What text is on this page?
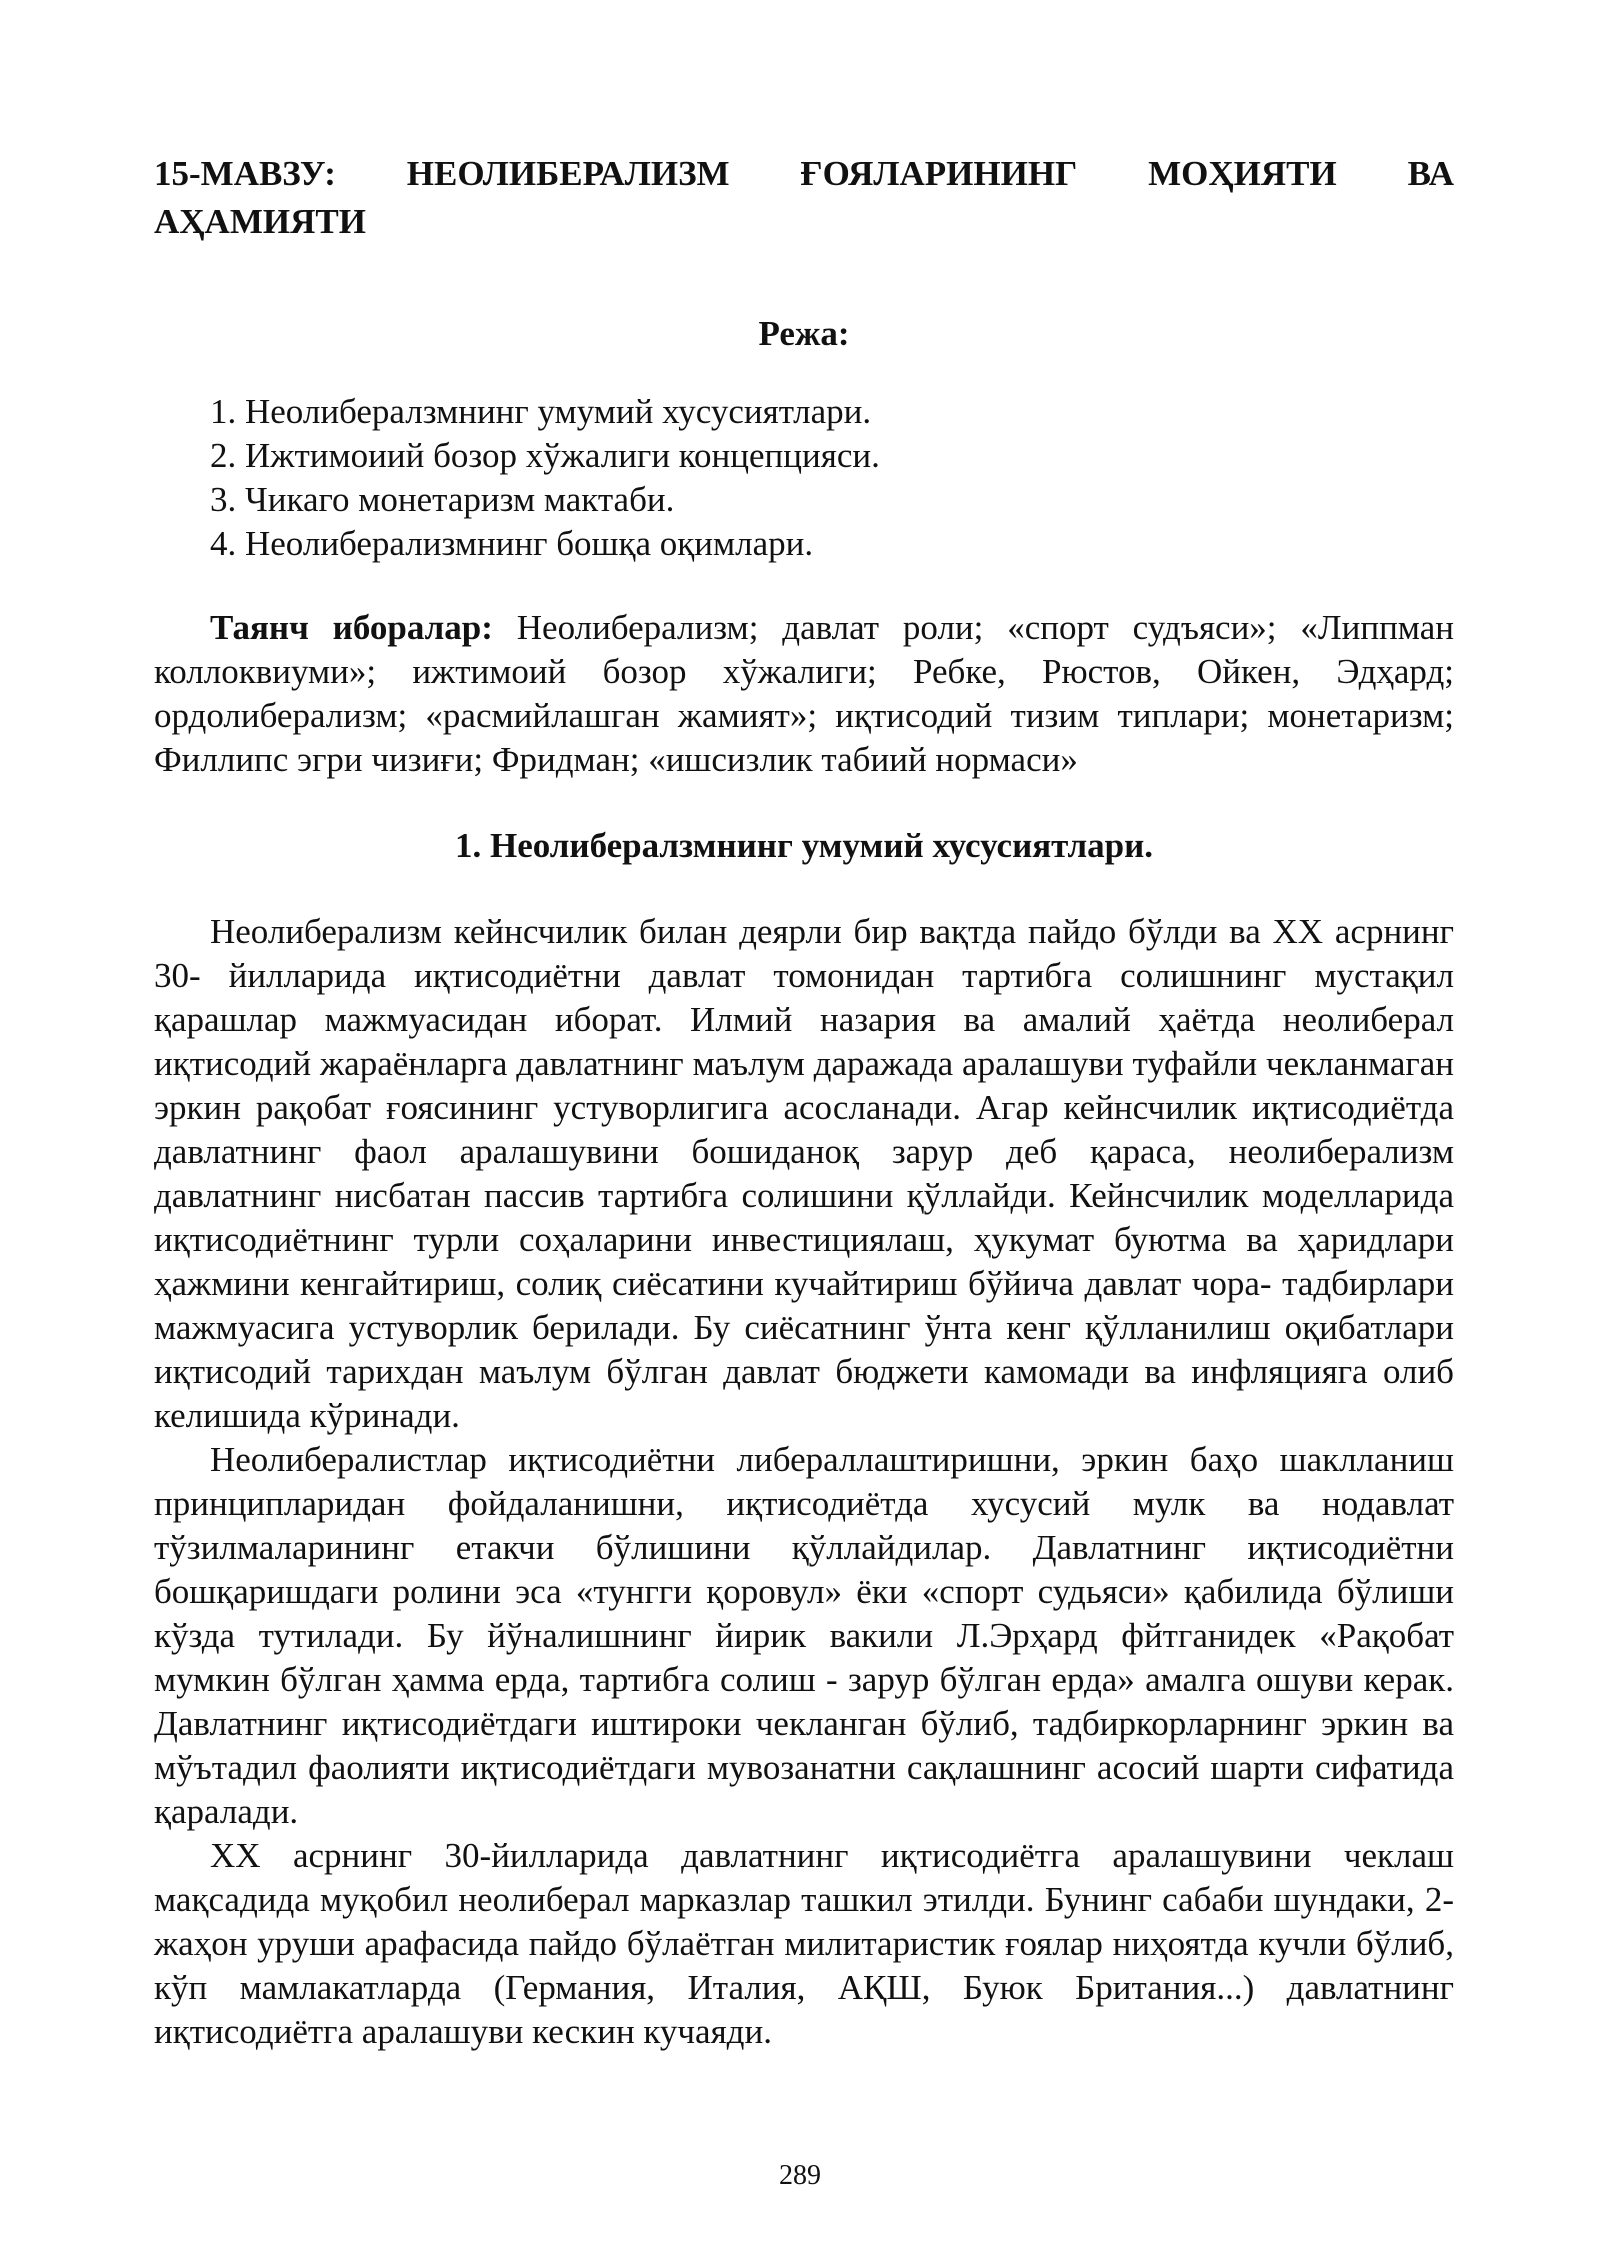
15-МАВЗУ: НЕОЛИБЕРАЛИЗМ ҒОЯЛАРИНИНГ МОҲИЯТИ ВА

АҲАМИЯТИ

Режа:
1. Неолибералзмнинг умумий хусусиятлари.
2. Ижтимоиий бозор хўжалиги концепцияси.
3. Чикаго монетаризм мактаби.
4. Неолиберализмнинг бошқа оқимлари.

Таянч иборалар: Неолиберализм; давлат роли; «спорт судъяси»; «Липпман коллоквиуми»; ижтимоий бозор хўжалиги; Ребке, Рюстов, Ойкен, Эдҳард; ордолиберализм; «расмийлашган жамият»; иқтисодий тизим типлари; монетаризм; Филлипс эгри чизиғи; Фридман; «ишсизлик табиий нормаси»

1. Неолибералзмнинг умумий хусусиятлари.

Неолиберализм кейнсчилик билан деярли бир вақтда пайдо бўлди ва XX асрнинг 30- йилларида иқтисодиётни давлат томонидан тартибга солишнинг мустақил қарашлар мажмуасидан иборат. Илмий назария ва амалий ҳаётда неолиберал иқтисодий жараёнларга давлатнинг маълум даражада аралашуви туфайли чекланмаган эркин рақобат ғоясининг устуворлигига асосланади. Агар кейнсчилик иқтисодиётда давлатнинг фаол аралашувини бошиданоқ зарур деб қараса, неолиберализм давлатнинг нисбатан пассив тартибга солишини қўллайди. Кейнсчилик моделларида иқтисодиётнинг турли соҳаларини инвестициялаш, ҳукумат буютма ва ҳаридлари ҳажмини кенгайтириш, солиқ сиёсатини кучайтириш бўйича давлат чора- тадбирлари мажмуасига устуворлик берилади. Бу сиёсатнинг ўнта кенг қўлланилиш оқибатлари иқтисодий тарихдан маълум бўлган давлат бюджети камомади ва инфляцияга олиб келишида кўринади.

Неолибералистлар иқтисодиётни либераллаштиришни, эркин баҳо шаклланиш принципларидан фойдаланишни, иқтисодиётда хусусий мулк ва нодавлат тўзилмаларининг етакчи бўлишини қўллайдилар. Давлатнинг иқтисодиётни бошқаришдаги ролини эса «тунгги қоровул» ёки «спорт судьяси» қабилида бўлиши кўзда тутилади. Бу йўналишнинг йирик вакили Л.Эрҳард фйтганидек «Рақобат мумкин бўлган ҳамма ерда, тартибга солиш - зарур бўлган ерда» амалга ошуви керак. Давлатнинг иқтисодиётдаги иштироки чекланган бўлиб, тадбиркорларнинг эркин ва мўътадил фаолияти иқтисодиётдаги мувозанатни сақлашнинг асосий шарти сифатида қаралади.

XX асрнинг 30-йилларида давлатнинг иқтисодиётга аралашувини чеклаш мақсадида муқобил неолиберал марказлар ташкил этилди. Бунинг сабаби шундаки, 2-жаҳон уруши арафасида пайдо бўлаётган милитаристик ғоялар ниҳоятда кучли бўлиб, кўп мамлакатларда (Германия, Италия, АҚШ, Буюк Британия...) давлатнинг иқтисодиётга аралашуви кескин кучаяди.

289
